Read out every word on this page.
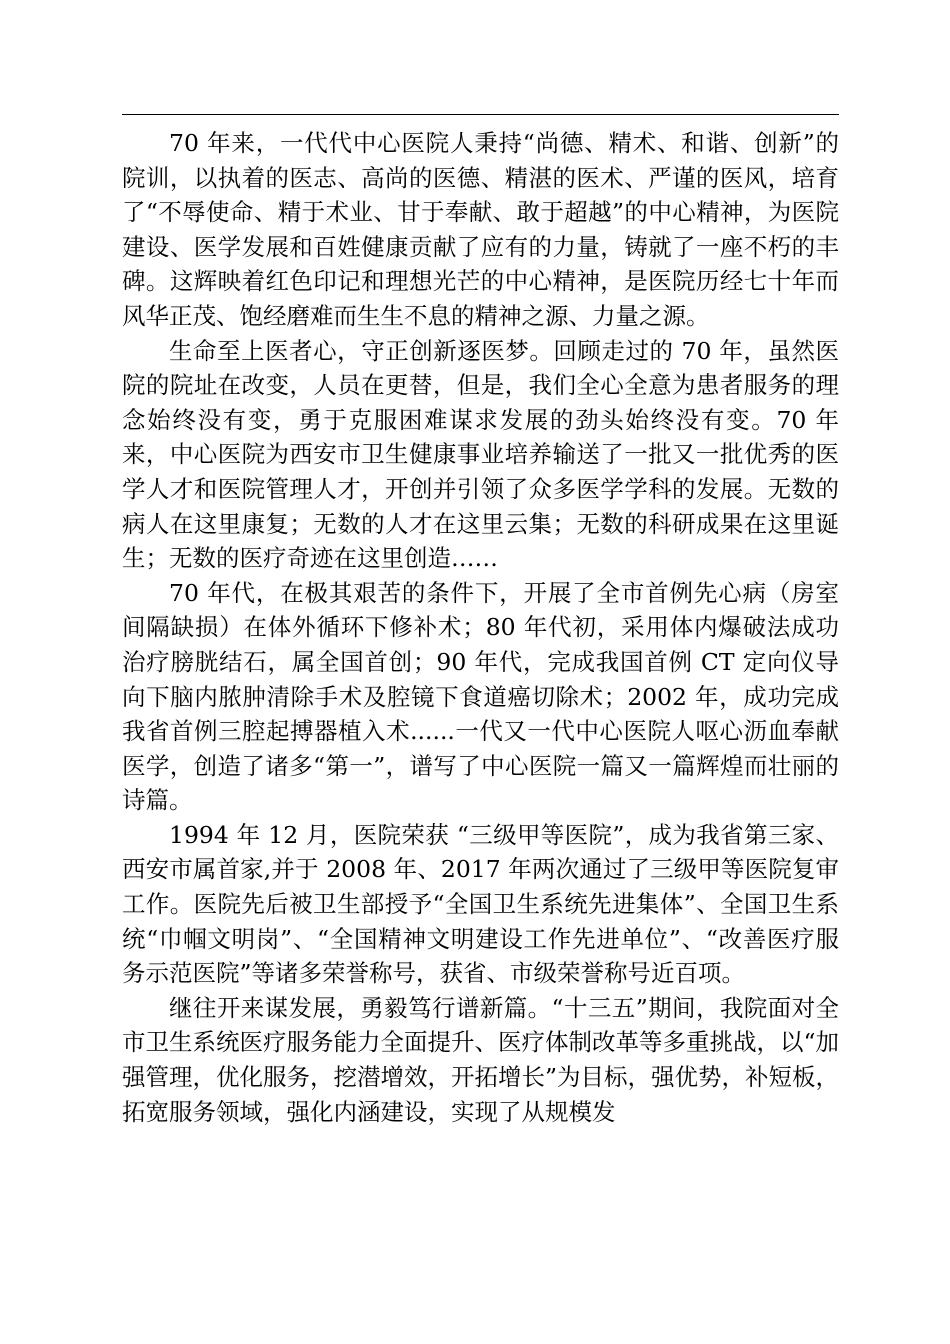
70 年来，一代代中心医院人秉持“尚德、精术、和谐、创新”的院训，以执着的医志、高尚的医德、精湛的医术、严谨的医风，培育了“不辱使命、精于术业、甘于奉献、敢于超越”的中心精神，为医院建设、医学发展和百姓健康贡献了应有的力量，铸就了一座不朽的丰碑。这辉映着红色印记和理想光芒的中心精神，是医院历经七十年而风华正茂、饱经磨难而生生不息的精神之源、力量之源。

生命至上医者心，守正创新逐医梦。回顾走过的 70 年，虽然医院的院址在改变，人员在更替，但是，我们全心全意为患者服务的理念始终没有变，勇于克服困难谋求发展的劲头始终没有变。70 年来，中心医院为西安市卫生健康事业培养输送了一批又一批优秀的医学人才和医院管理人才，开创并引领了众多医学学科的发展。无数的病人在这里康复；无数的人才在这里云集；无数的科研成果在这里诞生；无数的医疗奇迹在这里创造……

70 年代，在极其艰苦的条件下，开展了全市首例先心病（房室间隔缺损）在体外循环下修补术；80 年代初，采用体内爆破法成功治疗膀胱结石，属全国首创；90 年代，完成我国首例 CT 定向仪导向下脑内脓肿清除手术及腔镜下食道癌切除术；2002 年，成功完成我省首例三腔起搏器植入术......一代又一代中心医院人呕心沥血奉献医学，创造了诸多“第一”，谱写了中心医院一篇又一篇辉煌而壮丽的诗篇。

1994 年 12 月，医院荣获 “三级甲等医院”，成为我省第三家、西安市属首家,并于 2008 年、2017 年两次通过了三级甲等医院复审工作。医院先后被卫生部授予“全国卫生系统先进集体”、全国卫生系统“巾帼文明岗”、“全国精神文明建设工作先进单位”、“改善医疗服务示范医院”等诸多荣誉称号，获省、市级荣誉称号近百项。

继往开来谋发展，勇毅笃行谱新篇。“十三五”期间，我院面对全市卫生系统医疗服务能力全面提升、医疗体制改革等多重挑战，以“加强管理，优化服务，挖潜增效，开拓增长”为目标，强优势，补短板，拓宽服务领域，强化内涵建设，实现了从规模发
